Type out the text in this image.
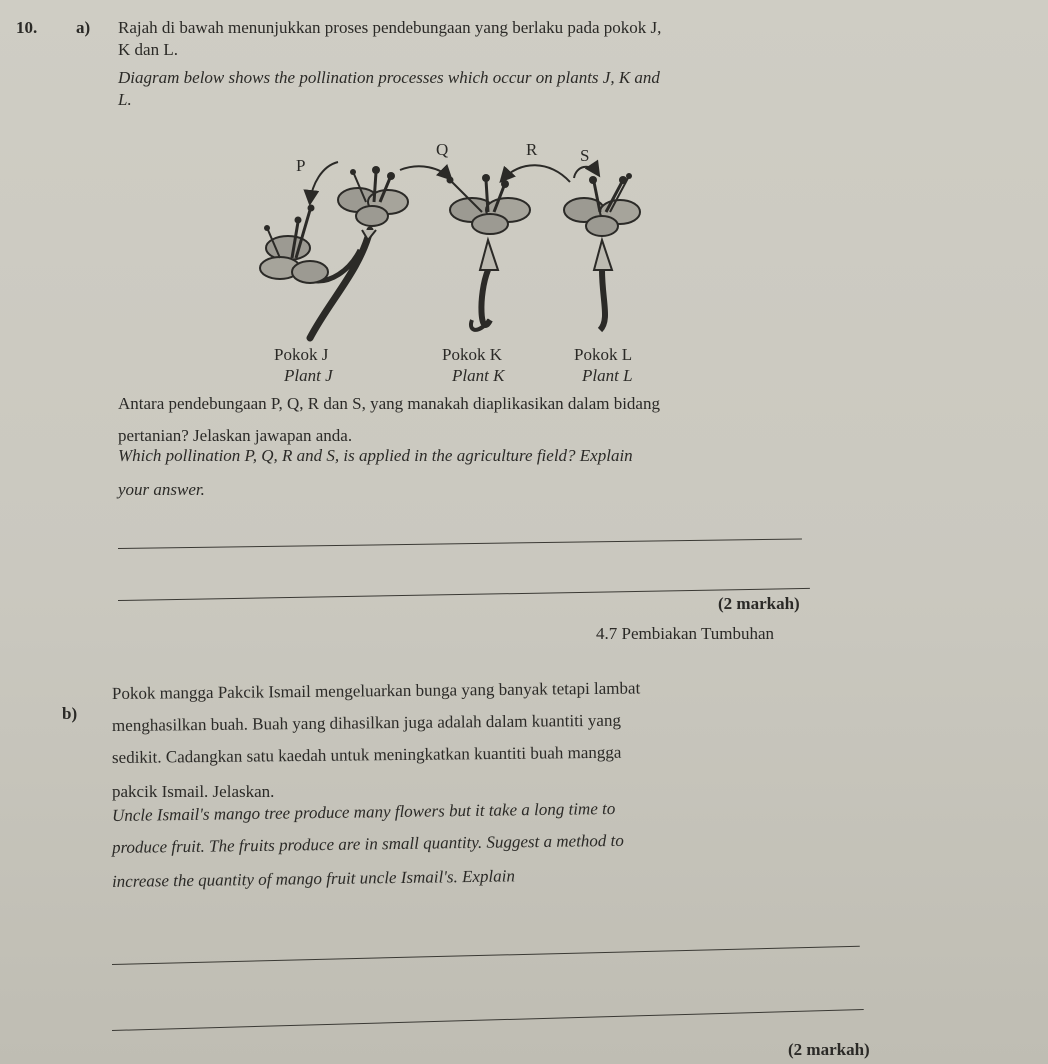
10. a) Rajah di bawah menunjukkan proses pendebungaan yang berlaku pada pokok J,
K dan L.
Diagram below shows the pollination processes which occur on plants J, K and
L.
P
Q	R	S
Pokok J
Plant J
Pokok K
Plant K
Pokok L
Plant L
Antara pendebungaan P, Q, R dan S, yang manakah diaplikasikan dalam bidang
pertanian? Jelaskan jawapan anda.
Which pollination P, Q, R and S, is applied in the agriculture field? Explain
your answer.
(2 markah)
4.7 Pembiakan Tumbuhan
b)
Pokok mangga Pakcik Ismail mengeluarkan bunga yang banyak tetapi lambat
menghasilkan buah. Buah yang dihasilkan juga adalah dalam kuantiti yang
sedikit. Cadangkan satu kaedah untuk meningkatkan kuantiti buah mangga
pakcik Ismail. Jelaskan.
Uncle Ismail's mango tree produce many flowers but it take a long time to
produce fruit. The fruits produce are in small quantity. Suggest a method to
increase the quantity of mango fruit uncle Ismail's. Explain
(2 markah)
